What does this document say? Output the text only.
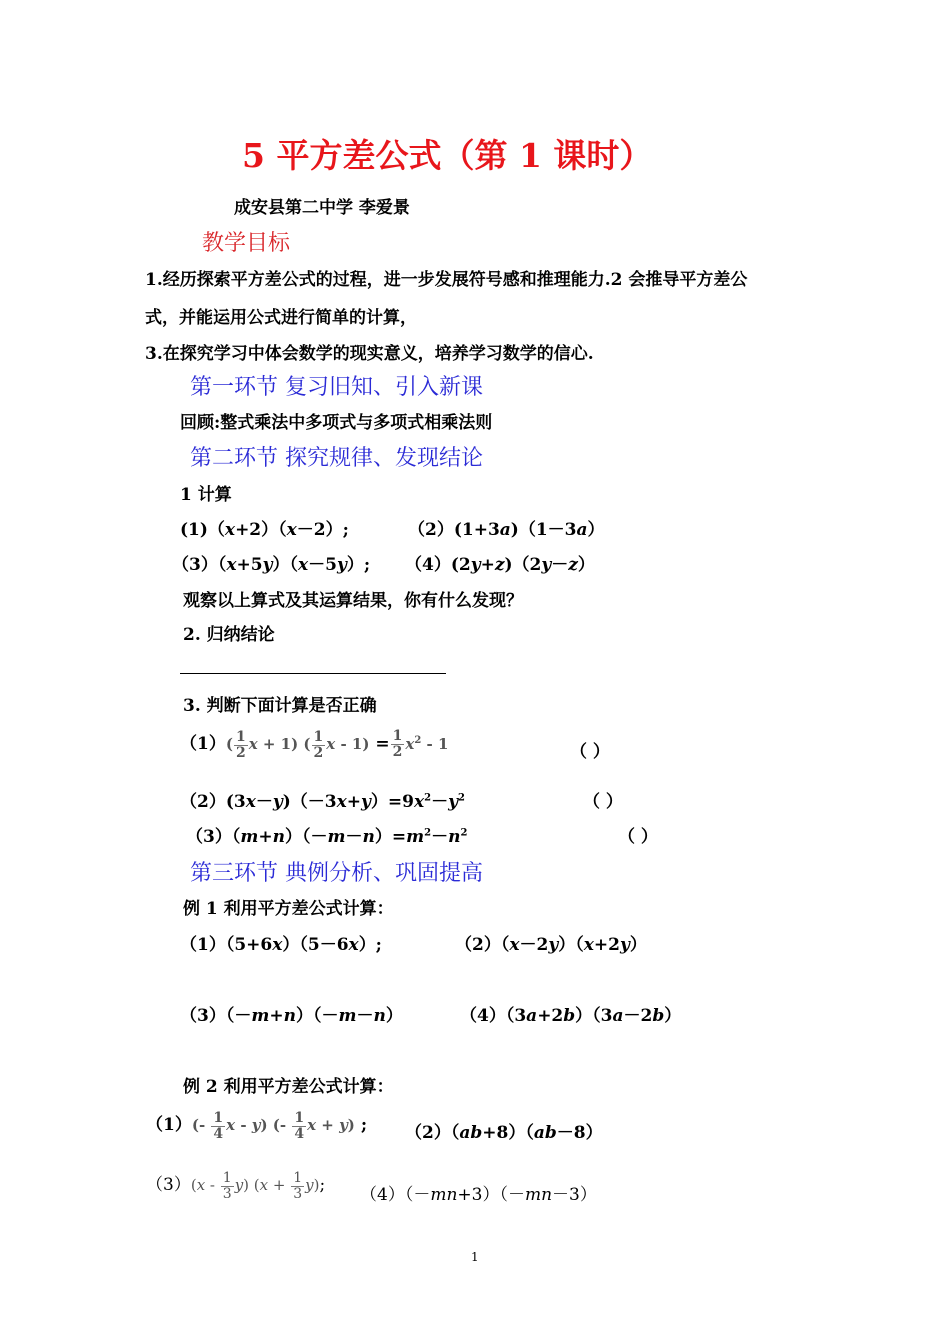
5 平方差公式（第 1 课时）
成安县第二中学 李爱景
教学目标
1.经历探索平方差公式的过程，进一步发展符号感和推理能力.2 会推导平方差公
式，并能运用公式进行简单的计算，
3.在探究学习中体会数学的现实意义，培养学习数学的信心.
第一环节 复习旧知、引入新课
回顾:整式乘法中多项式与多项式相乘法则
第二环节 探究规律、发现结论
1 计算
(1)（x+2）（x－2）;	（2）(1+3a)（1－3a）
（3）（x+5y）（x－5y）; （4）(2y+z)（2y－z）
观察以上算式及其运算结果，你有什么发现？
2. 归纳结论
3. 判断下面计算是否正确
$(1)( \frac{1}{2}$ x + 1) ( $\frac{1}{2}$ $x - 1) = \frac{1}{2} x^2 - 1$	（ ）
$(2)(3x-y)(-3x+y)=9x^2-y^2$	（ ）
$(3)(m+n)(-m-n)=m^2-n^2$	（ ）
第三环节 典例分析、巩固提高
例 1 利用平方差公式计算：
（1）（5+6x）（5－6x）;	（2）（x－2y）（x+2y）
（3）（－m+n）（－m－n）	（4）（3a+2b）（3a－2b）
例 2 利用平方差公式计算：
$(1)(- \frac{1}{4}$ x - y) (- $\frac{1}{4}$ x + y) ; （2）（ab+8）（ab－8）
$(3)(x - \frac{1}{3} y)$ $(x + \frac{1}{3} y)$; （4）（－mn+3）（－mn－3）
1
